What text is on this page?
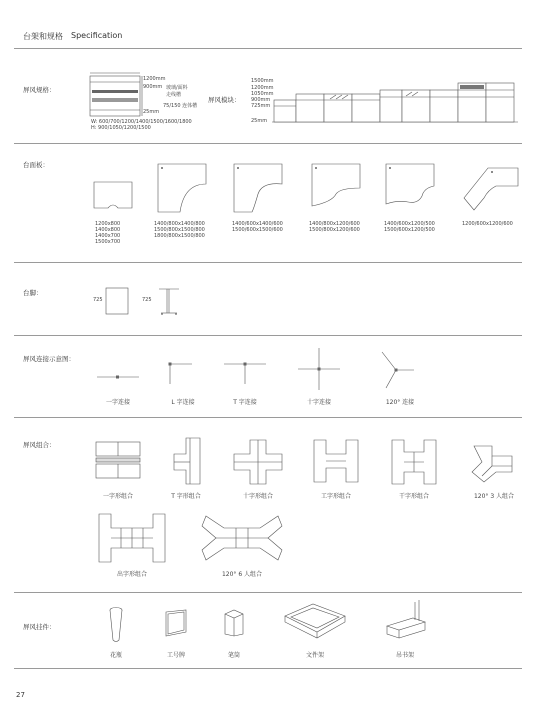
台架和规格 Specification
屏风规格：
1200mm
900mm
25mm
玻璃/面料
走线槽
75/150 连体槽
W: 600/700/1200/1400/1500/1600/1800
H: 900/1050/1200/1500
屏风模块：
1500mm
1200mm
1050mm
900mm
725mm
25mm
台面板：
1200x800
1400x800
1400x700
1500x700
1400/800x1400/800
1500/800x1500/800
1800/800x1500/800
1400/600x1400/600
1500/600x1500/600
1400/800x1200/600
1500/800x1200/600
1400/600x1200/500
1500/600x1200/500
1200/600x1200/600
台脚：
725	725
屏风连接示意图：
一字连接	L 字连接	T 字连接	十字连接	120° 连接
屏风组合：
一字形组合	T 字形组合	十字形组合	工字形组合	干字形组合	120° 3 人组合
出字形组合	120° 6 人组合
屏风挂件：
花瓶	工号牌	笔筒	文件架	吊书架
27
